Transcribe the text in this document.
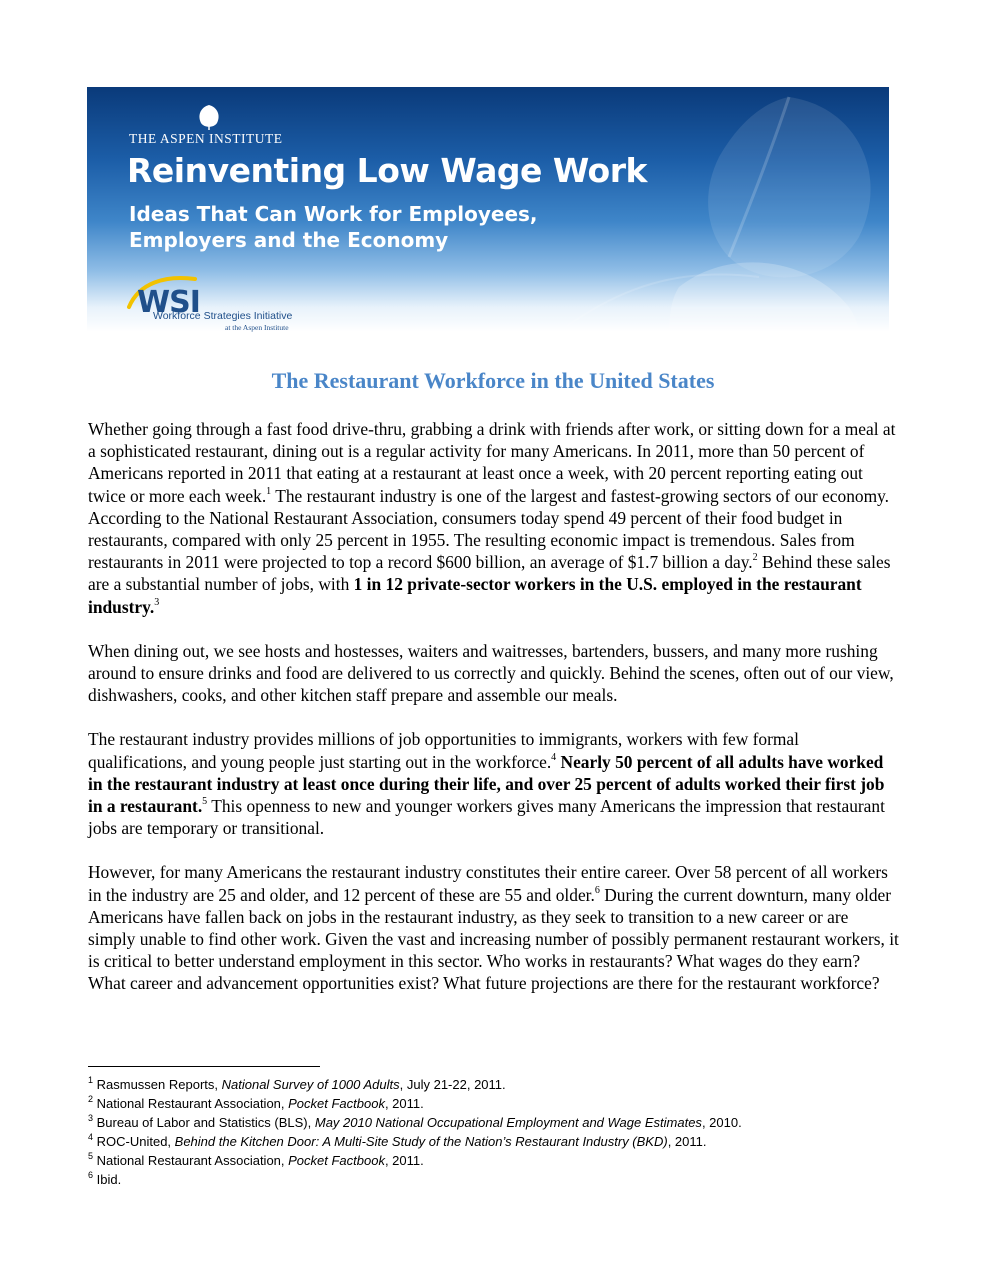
THE ASPEN INSTITUTE
Reinventing Low Wage Work
Ideas That Can Work for Employees,
Employers and the Economy
WSI
Workforce Strategies Initiative
at the Aspen Institute
The Restaurant Workforce in the United States

Whether going through a fast food drive-thru, grabbing a drink with friends after work, or sitting down for a meal at a sophisticated restaurant, dining out is a regular activity for many Americans. In 2011, more than 50 percent of Americans reported in 2011 that eating at a restaurant at least once a week, with 20 percent reporting eating out twice or more each week.$^1$ The restaurant industry is one of the largest and fastest-growing sectors of our economy. According to the National Restaurant Association, consumers today spend 49 percent of their food budget in restaurants, compared with only 25 percent in 1955. The resulting economic impact is tremendous. Sales from restaurants in 2011 were projected to top a record $600 billion, an average of $1.7 billion a day.$^2$ Behind these sales are a substantial number of jobs, with 1 in 12 private-sector workers in the U.S. employed in the restaurant industry.$^3$

When dining out, we see hosts and hostesses, waiters and waitresses, bartenders, bussers, and many more rushing around to ensure drinks and food are delivered to us correctly and quickly. Behind the scenes, often out of our view, dishwashers, cooks, and other kitchen staff prepare and assemble our meals.

The restaurant industry provides millions of job opportunities to immigrants, workers with few formal qualifications, and young people just starting out in the workforce.$^4$ Nearly 50 percent of all adults have worked in the restaurant industry at least once during their life, and over 25 percent of adults worked their first job in a restaurant.$^5$ This openness to new and younger workers gives many Americans the impression that restaurant jobs are temporary or transitional.

However, for many Americans the restaurant industry constitutes their entire career. Over 58 percent of all workers in the industry are 25 and older, and 12 percent of these are 55 and older.$^6$ During the current downturn, many older Americans have fallen back on jobs in the restaurant industry, as they seek to transition to a new career or are simply unable to find other work. Given the vast and increasing number of possibly permanent restaurant workers, it is critical to better understand employment in this sector. Who works in restaurants? What wages do they earn? What career and advancement opportunities exist? What future projections are there for the restaurant workforce?

$^1$ Rasmussen Reports, National Survey of 1000 Adults, July 21-22, 2011.
$^2$ National Restaurant Association, Pocket Factbook, 2011.
$^3$ Bureau of Labor and Statistics (BLS), May 2010 National Occupational Employment and Wage Estimates, 2010.
$^4$ ROC-United, Behind the Kitchen Door: A Multi-Site Study of the Nation’s Restaurant Industry (BKD), 2011.
$^5$ National Restaurant Association, Pocket Factbook, 2011.
$^6$ Ibid.
